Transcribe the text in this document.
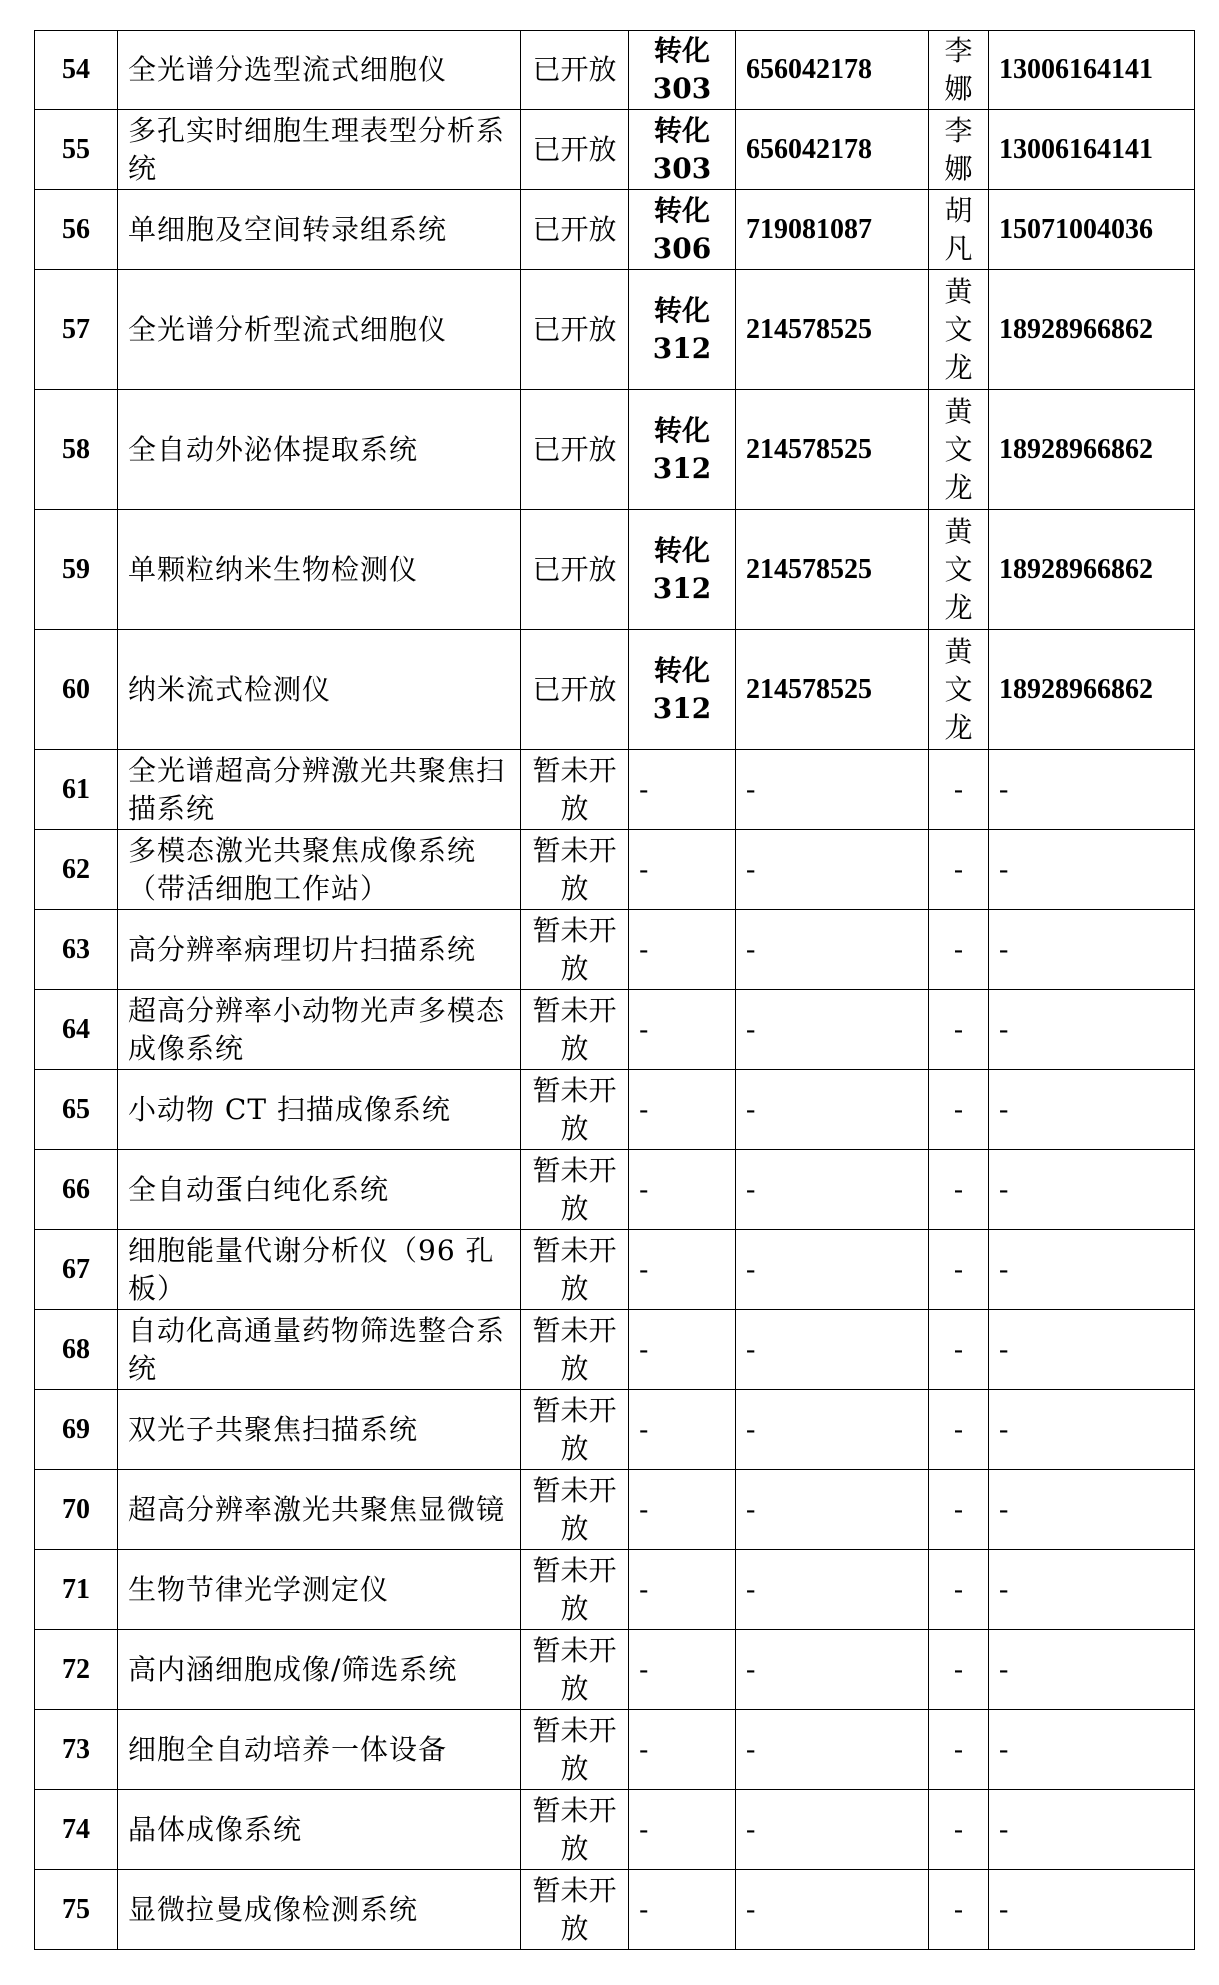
54	全光谱分选型流式细胞仪	已开放	转化303	656042178	李娜	13006164141
55	多孔实时细胞生理表型分析系统	已开放	转化303	656042178	李娜	13006164141
56	单细胞及空间转录组系统	已开放	转化306	719081087	胡凡	15071004036
57	全光谱分析型流式细胞仪	已开放	转化312	214578525	黄文龙	18928966862
58	全自动外泌体提取系统	已开放	转化312	214578525	黄文龙	18928966862
59	单颗粒纳米生物检测仪	已开放	转化312	214578525	黄文龙	18928966862
60	纳米流式检测仪	已开放	转化312	214578525	黄文龙	18928966862
61	全光谱超高分辨激光共聚焦扫描系统	暂未开放	-	-	-	-
62	多模态激光共聚焦成像系统（带活细胞工作站）	暂未开放	-	-	-	-
63	高分辨率病理切片扫描系统	暂未开放	-	-	-	-
64	超高分辨率小动物光声多模态成像系统	暂未开放	-	-	-	-
65	小动物 CT 扫描成像系统	暂未开放	-	-	-	-
66	全自动蛋白纯化系统	暂未开放	-	-	-	-
67	细胞能量代谢分析仪（96 孔板）	暂未开放	-	-	-	-
68	自动化高通量药物筛选整合系统	暂未开放	-	-	-	-
69	双光子共聚焦扫描系统	暂未开放	-	-	-	-
70	超高分辨率激光共聚焦显微镜	暂未开放	-	-	-	-
71	生物节律光学测定仪	暂未开放	-	-	-	-
72	高内涵细胞成像/筛选系统	暂未开放	-	-	-	-
73	细胞全自动培养一体设备	暂未开放	-	-	-	-
74	晶体成像系统	暂未开放	-	-	-	-
75	显微拉曼成像检测系统	暂未开放	-	-	-	-
